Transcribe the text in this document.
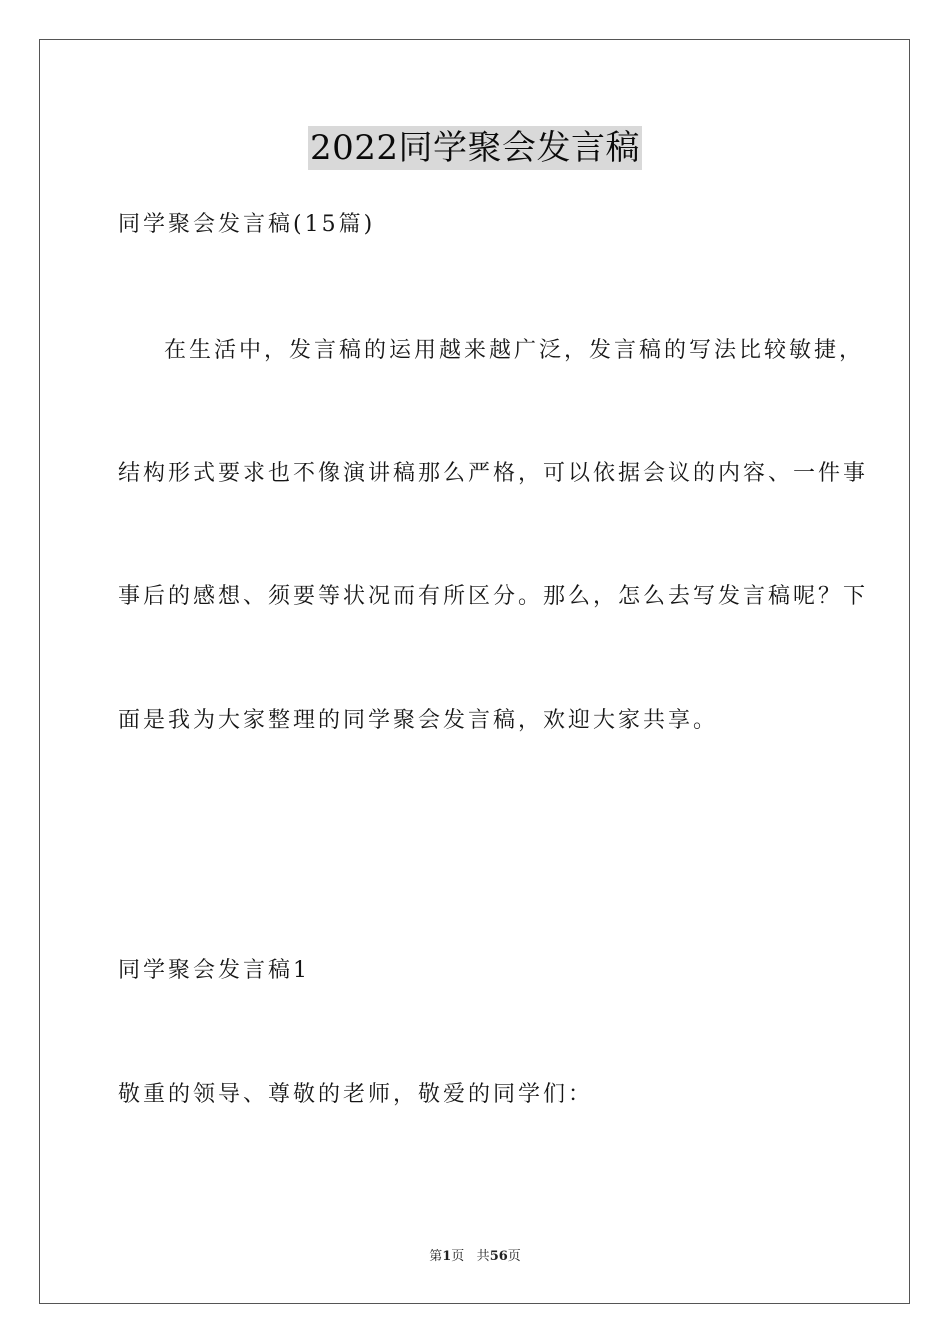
2022同学聚会发言稿
同学聚会发言稿(15篇)
在生活中，发言稿的运用越来越广泛，发言稿的写法比较敏捷，
结构形式要求也不像演讲稿那么严格，可以依据会议的内容、一件事
事后的感想、须要等状况而有所区分。那么，怎么去写发言稿呢？下
面是我为大家整理的同学聚会发言稿，欢迎大家共享。
同学聚会发言稿1
敬重的领导、尊敬的老师，敬爱的同学们：
第1页 共56页
